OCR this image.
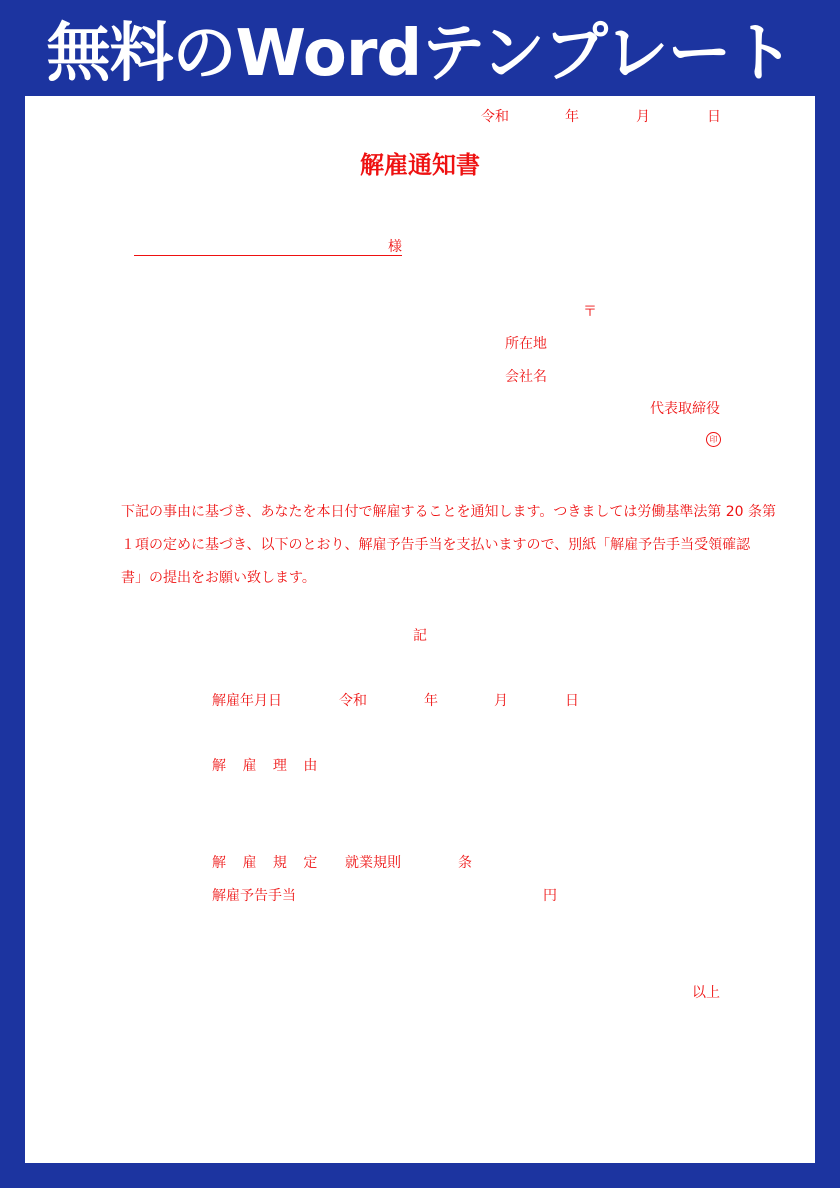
無料のWordテンプレート
令和	年	月	日
解雇通知書
様
〒
所在地
会社名
代表取締役
印
下記の事由に基づき、あなたを本日付で解雇することを通知します。つきましては労働基準法第 20 条第
１項の定めに基づき、以下のとおり、解雇予告手当を支払いますので、別紙「解雇予告手当受領確認
書」の提出をお願い致します。
記
解雇年月日	令和	年	月	日
解 雇 理 由
解 雇 規 定 就業規則	条
解雇予告手当	円
以上
